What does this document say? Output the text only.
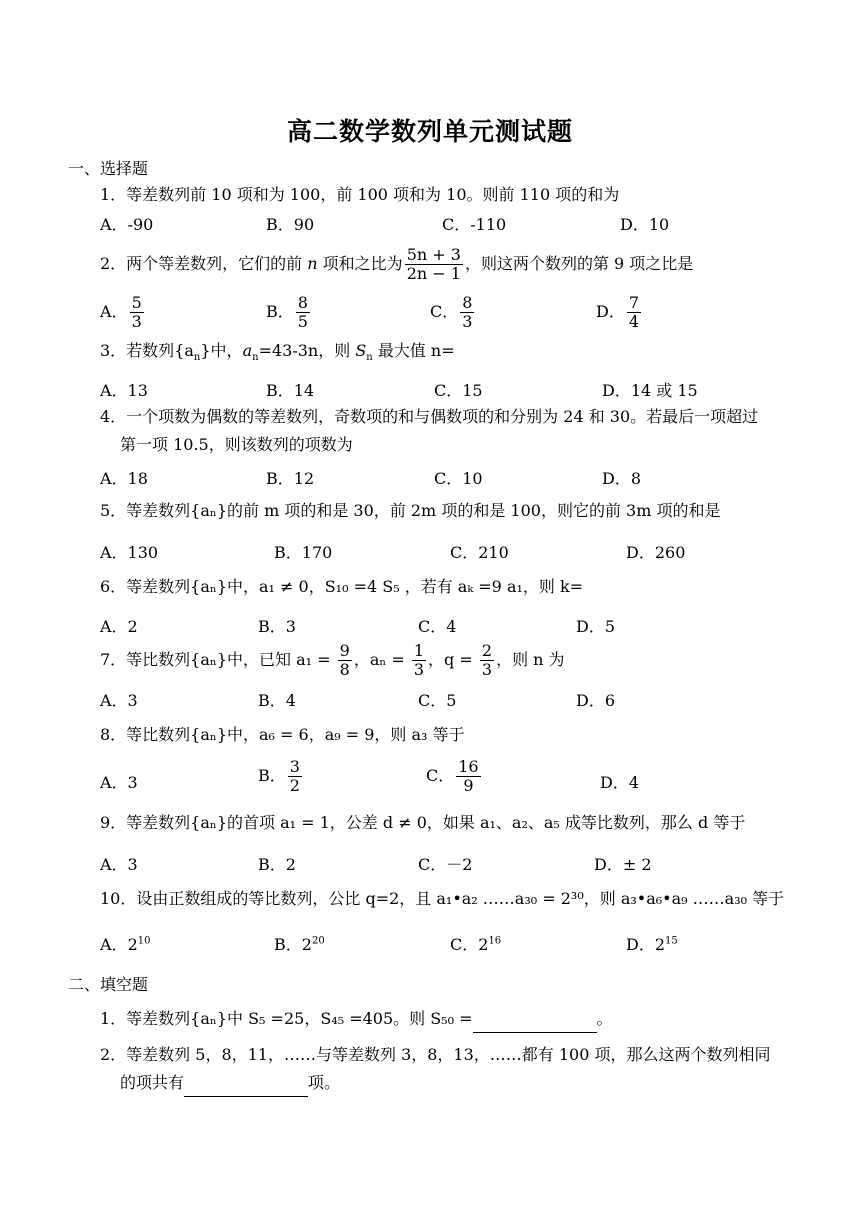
高二数学数列单元测试题
一、选择题
1．等差数列前 10 项和为 100，前 100 项和为 10。则前 110 项的和为
A．-90	B．90	C．-110	D．10
2．两个等差数列，它们的前 n 项和之比为 $\frac{5n + 3}{2n - 1}$ ，则这两个数列的第 9 项之比是
A． $\frac{5}{3}$	B． $\frac{8}{5}$	C． $\frac{8}{3}$	D． $\frac{7}{4}$
3．若数列$\{a_n\}$中，$a_n=43-3n$，则 $S_n$ 最大值 n=
A．13	B．14	C．15	D．14 或 15
4．一个项数为偶数的等差数列，奇数项的和与偶数项的和分别为 24 和 30。若最后一项超过
第一项 10.5，则该数列的项数为
A．18	B．12	C．10	D．8
5．等差数列{aₙ}的前 m 项的和是 30，前 2m 项的和是 100，则它的前 3m 项的和是
A．130	B．170	C．210	D．260
6．等差数列{aₙ}中，a₁ ≠ 0，S₁₀ =4 S₅ ，若有 aₖ =9 a₁，则 k=
A．2	B．3	C．4	D．5
7．等比数列{aₙ}中，已知 $a_1 = \frac{9}{8}$ ，$a_n = \frac{1}{3}$ ，$q = \frac{2}{3}$ ，则 n 为
A．3	B．4	C．5	D．6
8．等比数列{aₙ}中，a₆ = 6，a₉ = 9，则 a₃ 等于
A．3	B． $\frac{3}{2}$	C． $\frac{16}{9}$	D．4
9．等差数列{aₙ}的首项 a₁ = 1，公差 d ≠ 0，如果 a₁、a₂、a₅ 成等比数列，那么 d 等于
A．3	B．2	C．－2	D．± 2
10．设由正数组成的等比数列，公比 q=2，且 a₁•a₂ ……a₃₀ = 2³⁰，则 a₃•a₆•a₉ ……a₃₀ 等于
A．$2^{10}$	B．$2^{20}$	C．$2^{16}$	D．$2^{15}$
二、填空题
1．等差数列{aₙ}中 S₅ =25，S₄₅ =405。则 S₅₀ =	。
2．等差数列 5，8，11，……与等差数列 3，8，13，……都有 100 项，那么这两个数列相同
的项共有	项。
